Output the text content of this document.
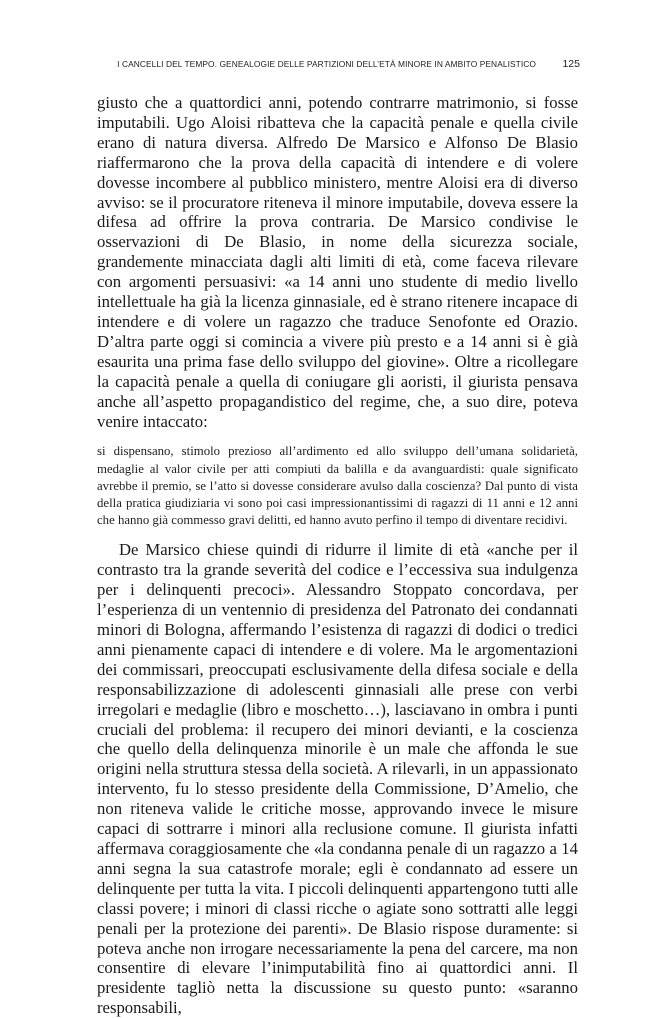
I CANCELLI DEL TEMPO. GENEALOGIE DELLE PARTIZIONI DELL’ETÀ MINORE IN AMBITO PENALISTICO	125

giusto che a quattordici anni, potendo contrarre matrimonio, si fosse imputabili. Ugo Aloisi ribatteva che la capacità penale e quella civile erano di natura diversa. Alfredo De Marsico e Alfonso De Blasio riaffermarono che la prova della capacità di intendere e di volere dovesse incombere al pubblico ministero, mentre Aloisi era di diverso avviso: se il procuratore riteneva il minore imputabile, doveva essere la difesa ad offrire la prova contraria. De Marsico condivise le osservazioni di De Blasio, in nome della sicurezza sociale, grandemente minacciata dagli alti limiti di età, come faceva rilevare con argomenti persuasivi: «a 14 anni uno studente di medio livello intellettuale ha già la licenza ginnasiale, ed è strano ritenere incapace di intendere e di volere un ragazzo che traduce Senofonte ed Orazio. D’altra parte oggi si comincia a vivere più presto e a 14 anni si è già esaurita una prima fase dello sviluppo del giovine». Oltre a ricollegare la capacità penale a quella di coniugare gli aoristi, il giurista pensava anche all’aspetto propagandistico del regime, che, a suo dire, poteva venire intaccato:

si dispensano, stimolo prezioso all’ardimento ed allo sviluppo dell’umana solidarietà, medaglie al valor civile per atti compiuti da balilla e da avanguardisti: quale significato avrebbe il premio, se l’atto si dovesse considerare avulso dalla coscienza? Dal punto di vista della pratica giudiziaria vi sono poi casi impressionantissimi di ragazzi di 11 anni e 12 anni che hanno già commesso gravi delitti, ed hanno avuto perfino il tempo di diventare recidivi.

De Marsico chiese quindi di ridurre il limite di età «anche per il contrasto tra la grande severità del codice e l’eccessiva sua indulgenza per i delinquenti precoci». Alessandro Stoppato concordava, per l’esperienza di un ventennio di presidenza del Patronato dei condannati minori di Bologna, affermando l’esistenza di ragazzi di dodici o tredici anni pienamente capaci di intendere e di volere. Ma le argomentazioni dei commissari, preoccupati esclusivamente della difesa sociale e della responsabilizzazione di adolescenti ginnasiali alle prese con verbi irregolari e medaglie (libro e moschetto…), lasciavano in ombra i punti cruciali del problema: il recupero dei minori devianti, e la coscienza che quello della delinquenza minorile è un male che affonda le sue origini nella struttura stessa della società. A rilevarli, in un appassionato intervento, fu lo stesso presidente della Commissione, D’Amelio, che non riteneva valide le critiche mosse, approvando invece le misure capaci di sottrarre i minori alla reclusione comune. Il giurista infatti affermava coraggiosamente che «la condanna penale di un ragazzo a 14 anni segna la sua catastrofe morale; egli è condannato ad essere un delinquente per tutta la vita. I piccoli delinquenti appartengono tutti alle classi povere; i minori di classi ricche o agiate sono sottratti alle leggi penali per la protezione dei parenti». De Blasio rispose duramente: si poteva anche non irrogare necessariamente la pena del carcere, ma non consentire di elevare l’inimputabilità fino ai quattordici anni. Il presidente tagliò netta la discussione su questo punto: «saranno responsabili,
